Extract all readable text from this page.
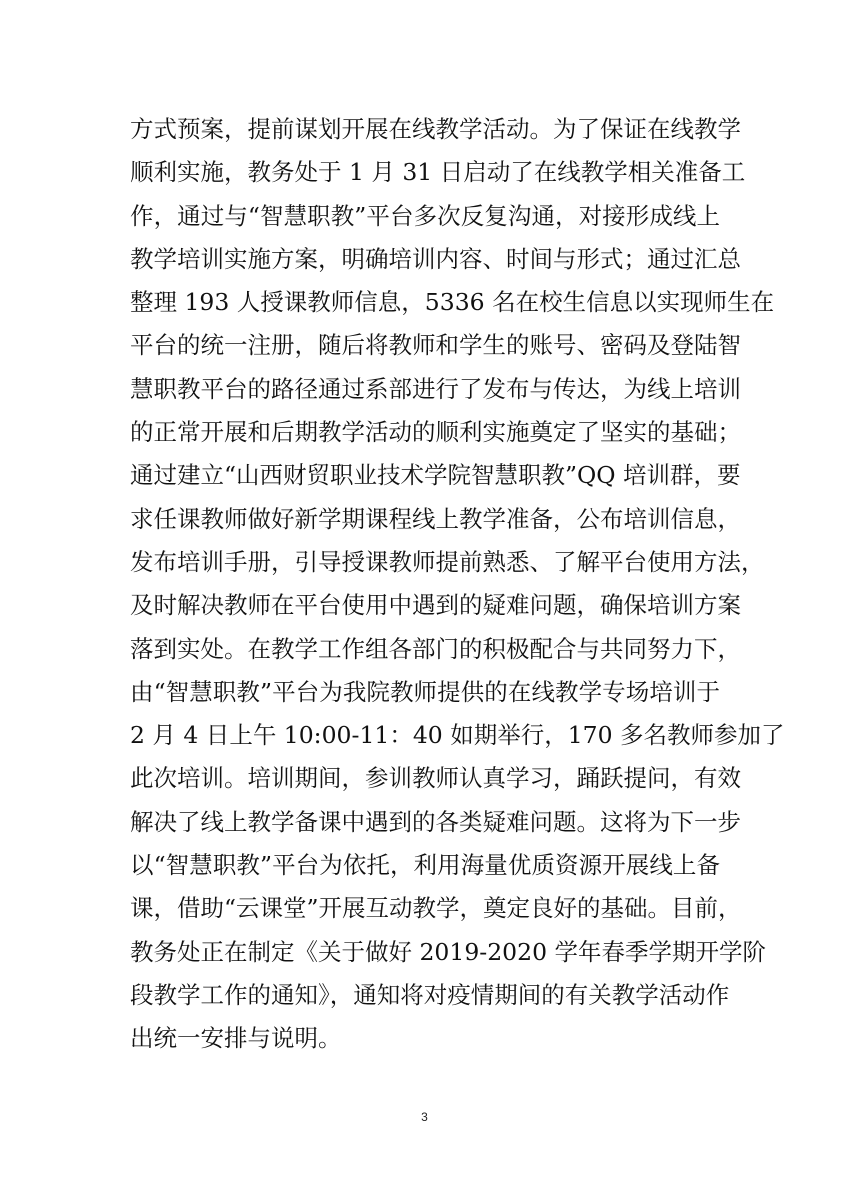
方式预案，提前谋划开展在线教学活动。为了保证在线教学
顺利实施，教务处于 1 月 31 日启动了在线教学相关准备工
作，通过与“智慧职教”平台多次反复沟通，对接形成线上
教学培训实施方案，明确培训内容、时间与形式；通过汇总
整理 193 人授课教师信息，5336 名在校生信息以实现师生在
平台的统一注册，随后将教师和学生的账号、密码及登陆智
慧职教平台的路径通过系部进行了发布与传达，为线上培训
的正常开展和后期教学活动的顺利实施奠定了坚实的基础；
通过建立“山西财贸职业技术学院智慧职教”QQ 培训群，要
求任课教师做好新学期课程线上教学准备，公布培训信息，
发布培训手册，引导授课教师提前熟悉、了解平台使用方法，
及时解决教师在平台使用中遇到的疑难问题，确保培训方案
落到实处。在教学工作组各部门的积极配合与共同努力下，
由“智慧职教”平台为我院教师提供的在线教学专场培训于
2 月 4 日上午 10:00-11：40 如期举行，170 多名教师参加了
此次培训。培训期间，参训教师认真学习，踊跃提问，有效
解决了线上教学备课中遇到的各类疑难问题。这将为下一步
以“智慧职教”平台为依托，利用海量优质资源开展线上备
课，借助“云课堂”开展互动教学，奠定良好的基础。目前，
教务处正在制定《关于做好 2019-2020 学年春季学期开学阶
段教学工作的通知》，通知将对疫情期间的有关教学活动作
出统一安排与说明。
3
